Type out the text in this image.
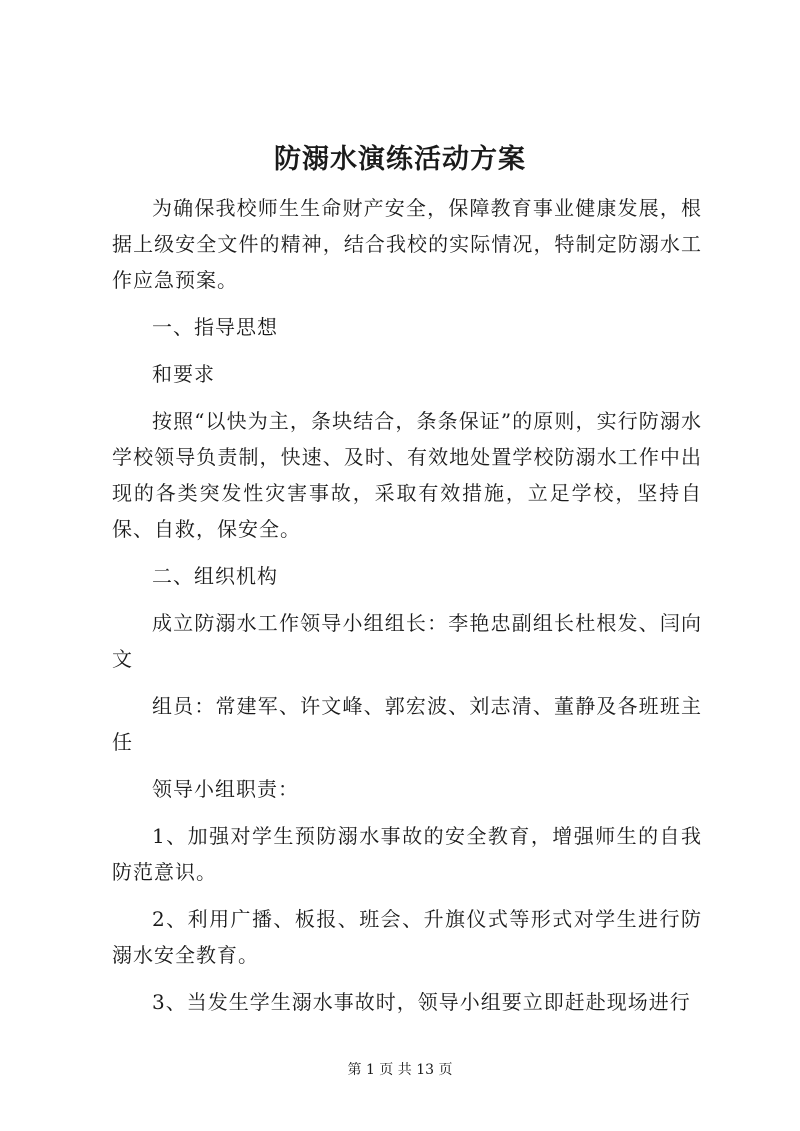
防溺水演练活动方案

为确保我校师生生命财产安全，保障教育事业健康发展，根据上级安全文件的精神，结合我校的实际情况，特制定防溺水工作应急预案。

一、指导思想

和要求

按照“以快为主，条块结合，条条保证”的原则，实行防溺水学校领导负责制，快速、及时、有效地处置学校防溺水工作中出现的各类突发性灾害事故，采取有效措施，立足学校，坚持自保、自救，保安全。

二、组织机构

成立防溺水工作领导小组组长：李艳忠副组长杜根发、闫向文

组员：常建军、许文峰、郭宏波、刘志清、董静及各班班主任

领导小组职责：

1、加强对学生预防溺水事故的安全教育，增强师生的自我防范意识。

2、利用广播、板报、班会、升旗仪式等形式对学生进行防溺水安全教育。

3、当发生学生溺水事故时，领导小组要立即赶赴现场进行

第 1 页 共 13 页
